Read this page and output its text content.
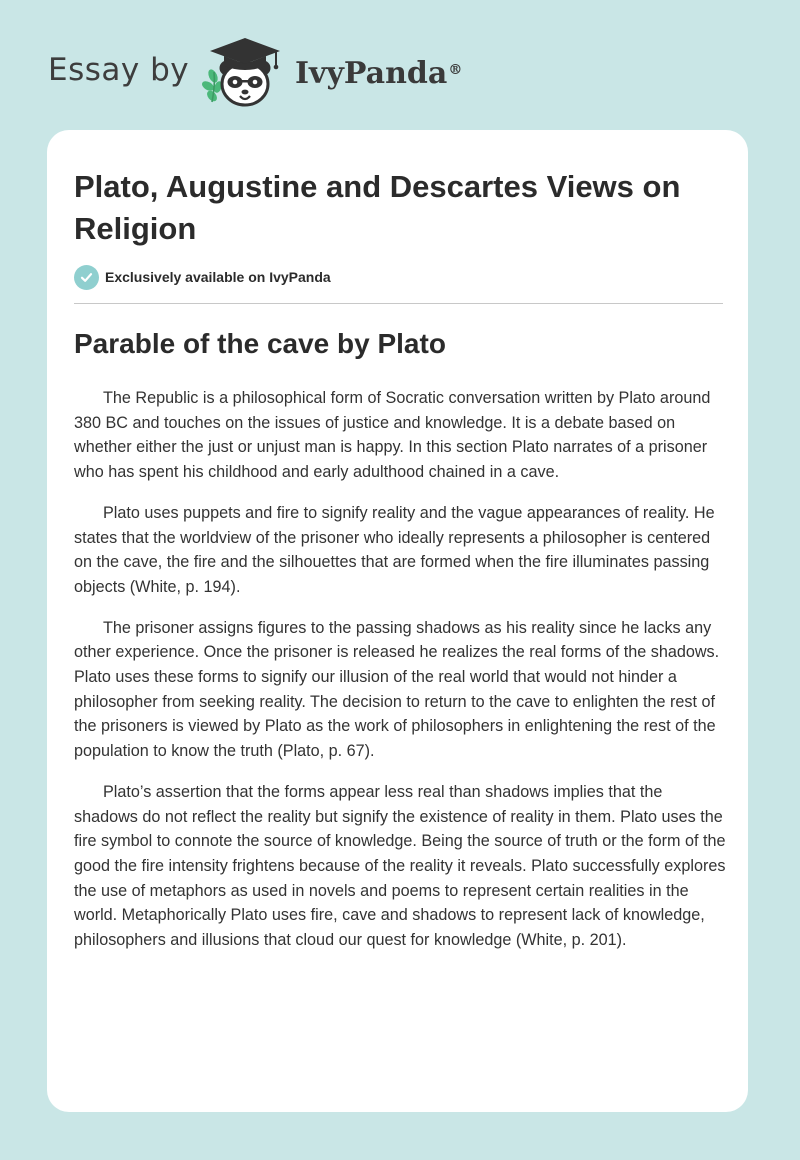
Essay by	IvyPanda®
Plato, Augustine and Descartes Views on Religion
Exclusively available on IvyPanda
Parable of the cave by Plato

The Republic is a philosophical form of Socratic conversation written by Plato around 380 BC and touches on the issues of justice and knowledge. It is a debate based on whether either the just or unjust man is happy. In this section Plato narrates of a prisoner who has spent his childhood and early adulthood chained in a cave.

Plato uses puppets and fire to signify reality and the vague appearances of reality. He states that the worldview of the prisoner who ideally represents a philosopher is centered on the cave, the fire and the silhouettes that are formed when the fire illuminates passing objects (White, p. 194).

The prisoner assigns figures to the passing shadows as his reality since he lacks any other experience. Once the prisoner is released he realizes the real forms of the shadows. Plato uses these forms to signify our illusion of the real world that would not hinder a philosopher from seeking reality. The decision to return to the cave to enlighten the rest of the prisoners is viewed by Plato as the work of philosophers in enlightening the rest of the population to know the truth (Plato, p. 67).

Plato’s assertion that the forms appear less real than shadows implies that the shadows do not reflect the reality but signify the existence of reality in them. Plato uses the fire symbol to connote the source of knowledge. Being the source of truth or the form of the good the fire intensity frightens because of the reality it reveals. Plato successfully explores the use of metaphors as used in novels and poems to represent certain realities in the world. Metaphorically Plato uses fire, cave and shadows to represent lack of knowledge, philosophers and illusions that cloud our quest for knowledge (White, p. 201).
